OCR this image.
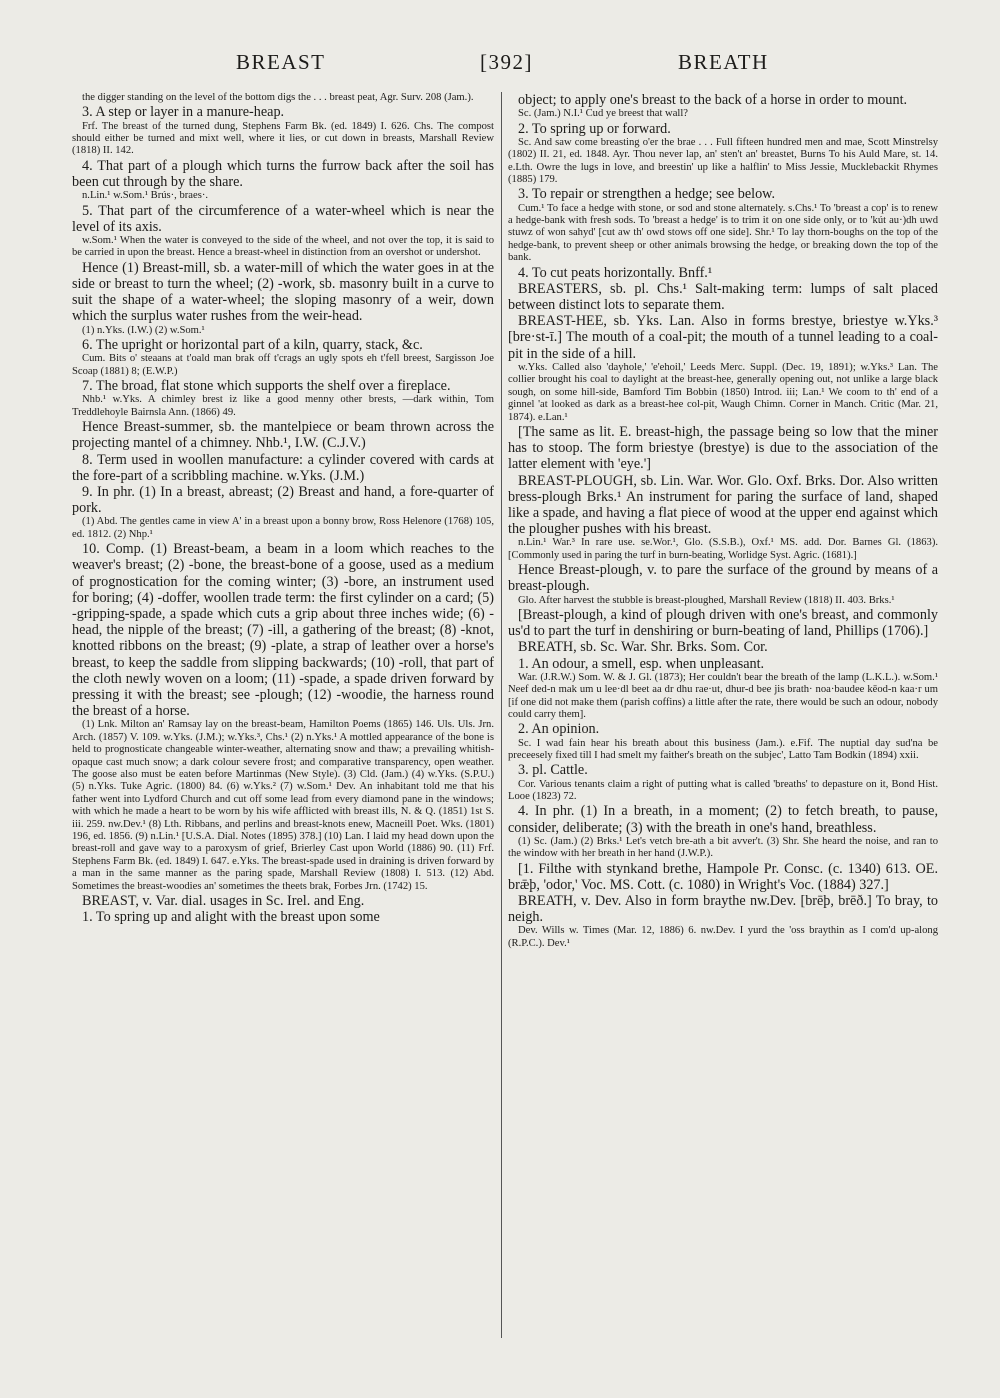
BREAST	[392]	BREATH

the digger standing on the level of the bottom digs the . . . breast peat, Agr. Surv. 208 (Jam.).

3. A step or layer in a manure-heap.

Frf. The breast of the turned dung, Stephens Farm Bk. (ed. 1849) I. 626. Chs. The compost should either be turned and mixt well, where it lies, or cut down in breasts, Marshall Review (1818) II. 142.

4. That part of a plough which turns the furrow back after the soil has been cut through by the share.

n.Lin.¹ w.Som.¹ Brús·, braes·.

5. That part of the circumference of a water-wheel which is near the level of its axis.

w.Som.¹ When the water is conveyed to the side of the wheel, and not over the top, it is said to be carried in upon the breast. Hence a breast-wheel in distinction from an overshot or undershot.

Hence (1) Breast-mill, sb. a water-mill of which the water goes in at the side or breast to turn the wheel; (2) -work, sb. masonry built in a curve to suit the shape of a water-wheel; the sloping masonry of a weir, down which the surplus water rushes from the weir-head.

(1) n.Yks. (I.W.) (2) w.Som.¹

6. The upright or horizontal part of a kiln, quarry, stack, &c.

Cum. Bits o' steaans at t'oald man brak off t'crags an ugly spots eh t'fell breest, Sargisson Joe Scoap (1881) 8; (E.W.P.)

7. The broad, flat stone which supports the shelf over a fireplace.

Nhb.¹ w.Yks. A chimley brest iz like a good menny other brests, —dark within, Tom Treddlehoyle Bairnsla Ann. (1866) 49.

Hence Breast-summer, sb. the mantelpiece or beam thrown across the projecting mantel of a chimney. Nhb.¹, I.W. (C.J.V.)

8. Term used in woollen manufacture: a cylinder covered with cards at the fore-part of a scribbling machine. w.Yks. (J.M.)

9. In phr. (1) In a breast, abreast; (2) Breast and hand, a fore-quarter of pork.

(1) Abd. The gentles came in view A' in a breast upon a bonny brow, Ross Helenore (1768) 105, ed. 1812. (2) Nhp.¹

10. Comp. (1) Breast-beam, a beam in a loom which reaches to the weaver's breast; (2) -bone, the breast-bone of a goose, used as a medium of prognostication for the coming winter; (3) -bore, an instrument used for boring; (4) -doffer, woollen trade term: the first cylinder on a card; (5) -gripping-spade, a spade which cuts a grip about three inches wide; (6) -head, the nipple of the breast; (7) -ill, a gathering of the breast; (8) -knot, knotted ribbons on the breast; (9) -plate, a strap of leather over a horse's breast, to keep the saddle from slipping backwards; (10) -roll, that part of the cloth newly woven on a loom; (11) -spade, a spade driven forward by pressing it with the breast; see -plough; (12) -woodie, the harness round the breast of a horse.

(1) Lnk. Milton an' Ramsay lay on the breast-beam, Hamilton Poems (1865) 146. Uls. Uls. Jrn. Arch. (1857) V. 109. w.Yks. (J.M.); w.Yks.³, Chs.¹ (2) n.Yks.¹ A mottled appearance of the bone is held to prognosticate changeable winter-weather, alternating snow and thaw; a prevailing whitish-opaque cast much snow; a dark colour severe frost; and comparative transparency, open weather. The goose also must be eaten before Martinmas (New Style). (3) Cld. (Jam.) (4) w.Yks. (S.P.U.) (5) n.Yks. Tuke Agric. (1800) 84. (6) w.Yks.² (7) w.Som.¹ Dev. An inhabitant told me that his father went into Lydford Church and cut off some lead from every diamond pane in the windows; with which he made a heart to be worn by his wife afflicted with breast ills, N. & Q. (1851) 1st S. iii. 259. nw.Dev.¹ (8) Lth. Ribbans, and perlins and breast-knots enew, Macneill Poet. Wks. (1801) 196, ed. 1856. (9) n.Lin.¹ [U.S.A. Dial. Notes (1895) 378.] (10) Lan. I laid my head down upon the breast-roll and gave way to a paroxysm of grief, Brierley Cast upon World (1886) 90. (11) Frf. Stephens Farm Bk. (ed. 1849) I. 647. e.Yks. The breast-spade used in draining is driven forward by a man in the same manner as the paring spade, Marshall Review (1808) I. 513. (12) Abd. Sometimes the breast-woodies an' sometimes the theets brak, Forbes Jrn. (1742) 15.

BREAST, v. Var. dial. usages in Sc. Irel. and Eng.

1. To spring up and alight with the breast upon some

object; to apply one's breast to the back of a horse in order to mount.

Sc. (Jam.) N.I.¹ Cud ye breest that wall?

2. To spring up or forward.

Sc. And saw come breasting o'er the brae . . . Full fifteen hundred men and mae, Scott Minstrelsy (1802) II. 21, ed. 1848. Ayr. Thou never lap, an' sten't an' breastet, Burns To his Auld Mare, st. 14. e.Lth. Owre the lugs in love, and breestin' up like a halflin' to Miss Jessie, Mucklebackit Rhymes (1885) 179.

3. To repair or strengthen a hedge; see below.

Cum.¹ To face a hedge with stone, or sod and stone alternately. s.Chs.¹ To 'breast a cop' is to renew a hedge-bank with fresh sods. To 'breast a hedge' is to trim it on one side only, or to 'kút au·)dh uwd stuwz of won sahyd' [cut aw th' owd stows off one side]. Shr.¹ To lay thorn-boughs on the top of the hedge-bank, to prevent sheep or other animals browsing the hedge, or breaking down the top of the bank.

4. To cut peats horizontally. Bnff.¹

BREASTERS, sb. pl. Chs.¹ Salt-making term: lumps of salt placed between distinct lots to separate them.

BREAST-HEE, sb. Yks. Lan. Also in forms brestye, briestye w.Yks.³ [bre·st-ī.] The mouth of a coal-pit; the mouth of a tunnel leading to a coal-pit in the side of a hill.

w.Yks. Called also 'dayhole,' 'e'ehoil,' Leeds Merc. Suppl. (Dec. 19, 1891); w.Yks.³ Lan. The collier brought his coal to daylight at the breast-hee, generally opening out, not unlike a large black sough, on some hill-side, Bamford Tim Bobbin (1850) Introd. iii; Lan.¹ We coom to th' end of a ginnel 'at looked as dark as a breast-hee col-pit, Waugh Chimn. Corner in Manch. Critic (Mar. 21, 1874). e.Lan.¹

[The same as lit. E. breast-high, the passage being so low that the miner has to stoop. The form briestye (brestye) is due to the association of the latter element with 'eye.']

BREAST-PLOUGH, sb. Lin. War. Wor. Glo. Oxf. Brks. Dor. Also written bress-plough Brks.¹ An instrument for paring the surface of land, shaped like a spade, and having a flat piece of wood at the upper end against which the plougher pushes with his breast.

n.Lin.¹ War.³ In rare use. se.Wor.¹, Glo. (S.S.B.), Oxf.¹ MS. add. Dor. Barnes Gl. (1863). [Commonly used in paring the turf in burn-beating, Worlidge Syst. Agric. (1681).]

Hence Breast-plough, v. to pare the surface of the ground by means of a breast-plough.

Glo. After harvest the stubble is breast-ploughed, Marshall Review (1818) II. 403. Brks.¹

[Breast-plough, a kind of plough driven with one's breast, and commonly us'd to part the turf in denshiring or burn-beating of land, Phillips (1706).]

BREATH, sb. Sc. War. Shr. Brks. Som. Cor.

1. An odour, a smell, esp. when unpleasant.

War. (J.R.W.) Som. W. & J. Gl. (1873); Her couldn't bear the breath of the lamp (L.K.L.). w.Som.¹ Neef ded-n mak um u lee·dl beet aa dr dhu rae·ut, dhur-d bee jis brath· noa·baudee kēod-n kaa·r um [if one did not make them (parish coffins) a little after the rate, there would be such an odour, nobody could carry them].

2. An opinion.

Sc. I wad fain hear his breath about this business (Jam.). e.Fif. The nuptial day sud'na be preceesely fixed till I had smelt my faither's breath on the subjec', Latto Tam Bodkin (1894) xxii.

3. pl. Cattle.

Cor. Various tenants claim a right of putting what is called 'breaths' to depasture on it, Bond Hist. Looe (1823) 72.

4. In phr. (1) In a breath, in a moment; (2) to fetch breath, to pause, consider, deliberate; (3) with the breath in one's hand, breathless.

(1) Sc. (Jam.) (2) Brks.¹ Let's vetch bre-ath a bit avver't. (3) Shr. She heard the noise, and ran to the window with her breath in her hand (J.W.P.).

[1. Filthe with stynkand brethe, Hampole Pr. Consc. (c. 1340) 613. OE. brǣþ, 'odor,' Voc. MS. Cott. (c. 1080) in Wright's Voc. (1884) 327.]

BREATH, v. Dev. Also in form braythe nw.Dev. [brēþ, brēð.] To bray, to neigh.

Dev. Wills w. Times (Mar. 12, 1886) 6. nw.Dev. I yurd the 'oss braythin as I com'd up-along (R.P.C.). Dev.¹
